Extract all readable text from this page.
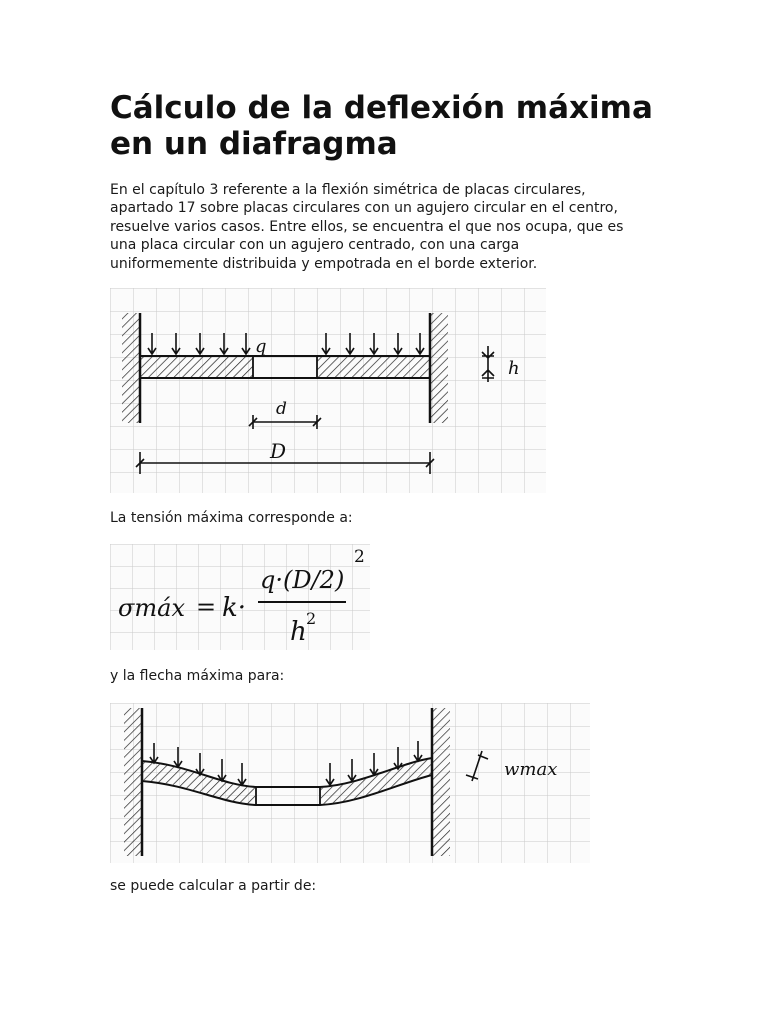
Cálculo de la deflexión máxima en un diafragma

En el capítulo 3 referente a la flexión simétrica de placas circulares, apartado 17 sobre placas circulares con un agujero circular en el centro, resuelve varios casos. Entre ellos, se encuentra el que nos ocupa, que es una placa circular con un agujero centrado, con una carga uniformemente distribuida y empotrada en el borde exterior.

q
h
d
D

La tensión máxima corresponde a:

σmáx = k·
q·(D/2)
2
h 2

y la flecha máxima para:

wmax

se puede calcular a partir de:
